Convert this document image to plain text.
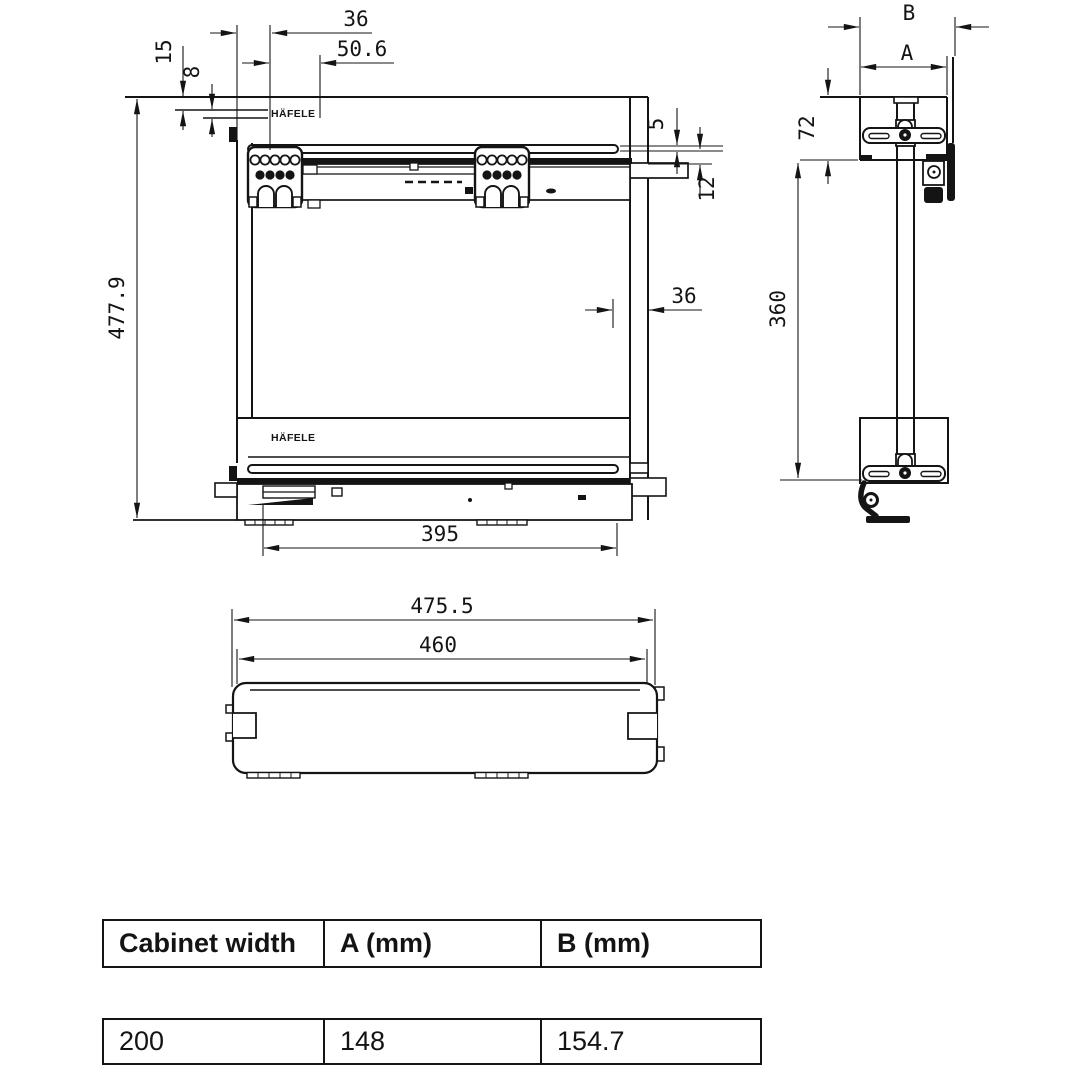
HÄFELE
HÄFELE
477.9
36
50.6
15
8
5
12
36
395
B
A
72
360
475.5
460
Cabinet width	A (mm)	B (mm)
200	148	154.7
